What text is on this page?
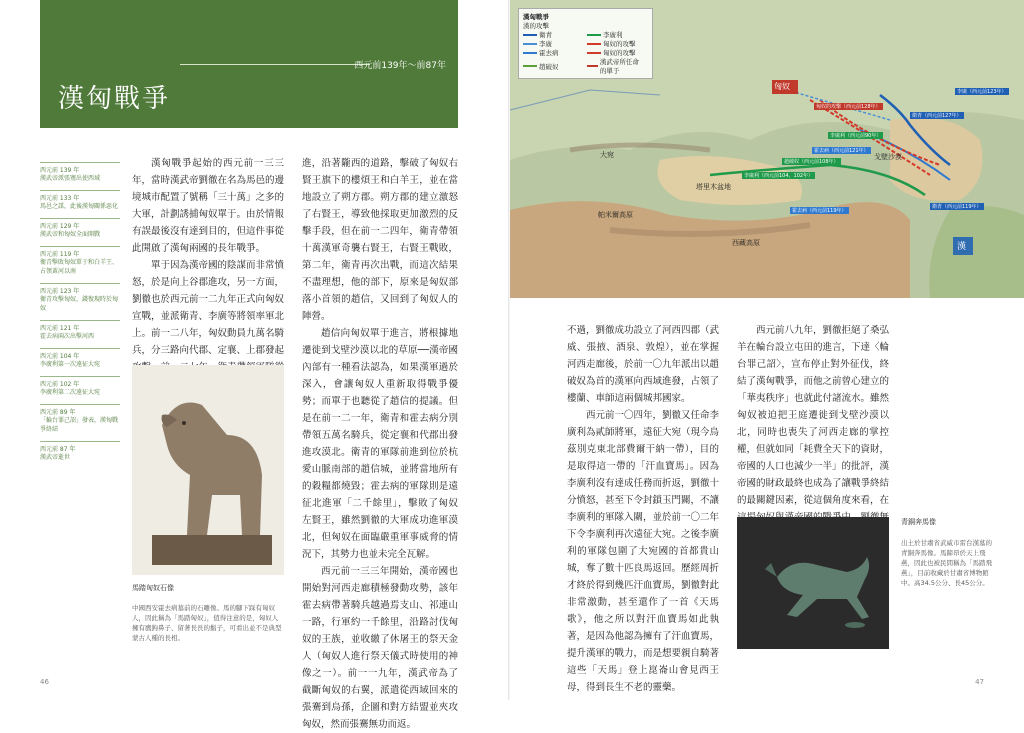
西元前139年～前87年
漢匈戰爭
西元前 139 年
漢武帝派張騫出使西域
西元前 133 年
馬邑之謀，此後漢匈關係惡化
西元前 129 年
漢武帝和匈奴全面開戰
西元前 119 年
衛青擊敗匈奴單于和白羊王、占領黃河以南
西元前 123 年
衛青攻擊匈奴，錢復現時於匈奴
西元前 121 年
霍去病兩次出擊河西
西元前 104 年
李廣利第一次遠征大宛
西元前 102 年
李廣利第二次遠征大宛
西元前 89 年
「輪台罪己詔」發表，漢匈戰爭終結
西元前 87 年
漢武帝逝世

漢匈戰爭起始的西元前一三三年，當時漢武帝劉徹在名為馬邑的邊境城市配置了號稱「三十萬」之多的大軍，計劃誘捕匈奴單于。由於情報有誤最後沒有達到目的，但這件事從此開啟了漢匈兩國的長年戰爭。

單于因為漢帝國的陰謀而非常憤怒，於是向上谷郡進攻，另一方面，劉徹也於西元前一二九年正式向匈奴宣戰，並派衛青、李廣等將領率軍北上。前一二八年，匈奴動員九萬名騎兵，分三路向代郡、定襄、上郡發起

馬踏匈奴石像
中國西安霍去病墓前的石雕像。馬的腳下踩有匈奴人，因此稱為「馬踏匈奴」，值得注意的是，匈奴人擁有鷹鉤鼻子、留著長長的鬍子，可看出並不是典型蒙古人種的長相。

進，沿著隴西的道路，擊破了匈奴右賢王旗下的樓煩王和白羊王，並在當地設立了朔方郡。朔方郡的建立激怒了右賢王，導致他採取更加激烈的反擊手段，但在前一二四年，衛青帶領十萬漢軍奇襲右賢王，右賢王戰敗，第二年，衛青再次出戰，而這次結果不盡理想，他的部下，原來是匈奴部落小首領的趙信，又回到了匈奴人的陣營。

趙信向匈奴單于進言，將根據地遷徙到戈壁沙漠以北的草原──漢帝國內部有一種看法認為，如果漢軍過於深入，會讓匈奴人重新取得戰爭優勢；而單于也聽從了趙信的提議。但是在前一二一年，衛青和霍去病分別帶領五萬名騎兵，從定襄和代郡出發進攻漠北。衛青的軍隊前進到位於杭愛山脈南部的趙信城，並將當地所有的穀糧都燒毀；霍去病的軍隊則是遠征北進軍「二千餘里」，擊敗了匈奴左賢王，雖然劉徹的大軍成功進軍漠北，但匈奴在面臨嚴重軍事威脅的情況下，其勢力也並未完全瓦解。

西元前一三三年開始，漢帝國也開始對河西走廊積極發動攻勢，該年霍去病帶著騎兵越過焉支山、祁連山一路，行軍約一千餘里，沿路討伐匈奴的王族，並收繳了休屠王的祭天金人（匈奴人進行祭天儀式時使用的神像之一）。前一一九年，漢武帝為了截斷匈奴的右翼，派遣從西域回來的張騫到烏孫，企圖和對方結盟並夾攻匈奴，然而張騫無功而返。

46
漢匈戰爭
漢的攻擊
衛青	李廣利
李廣	匈奴的攻擊
霍去病	匈奴的攻擊
趙破奴
漢武帝所任命的單于
匈奴
漢
戈壁沙漠
大宛
帕米爾高原
塔里木盆地
西藏高原
李廣（西元前123年）
匈奴的攻擊（西元前128年）
衛青（西元前127年）
趙破奴（西元前108年）
霍去病（西元前121年）
李廣利（西元前104、102年）
李廣利（西元前90年）
霍去病（西元前119年）
衛青（西元前119年）

不過，劉徹成功設立了河西四郡（武威、張掖、酒泉、敦煌），並在掌握河西走廊後，於前一〇九年派出以趙破奴為首的漢軍向西域進發，占領了樓蘭、車師這兩個城邦國家。

西元前一〇四年，劉徹又任命李廣利為貳師將軍，遠征大宛（現今烏茲別克東北部費爾干納一帶），目的是取得這一帶的「汗血寶馬」。因為李廣利沒有達成任務而折返，劉徹十分憤怒，甚至下令封鎖玉門關，不讓李廣利的軍隊入關，並於前一〇二年下令李廣利再次遠征大宛。之後李廣利的軍隊包圍了大宛國的首都貴山城，奪了數十匹良馬返回。歷經周折才終於得到幾匹汗血寶馬，劉徹對此非常激動，甚至還作了一首《天馬歌》，他之所以對汗血寶馬如此執著，是因為他認為擁有了汗血寶馬，提升漢軍的戰力，而是想要親自騎著這些「天馬」登上崑崙山會見西王母，得到長生不老的靈藥。

西元前八九年，劉徹拒絕了桑弘羊在輪台設立屯田的進言，下達〈輪台罪己詔〉，宣布停止對外征伐，終結了漢匈戰爭，而他之前曾心建立的「華夷秩序」也就此付諸流水。雖然匈奴被迫把王庭遷徙到戈壁沙漠以北，同時也喪失了河西走廊的掌控權，但就如同「耗費全天下的資財，帝國的人口也減少一半」的批評，漢帝國的財政最終也成為了讓戰爭終結的最關鍵因素，從這個角度來看，在

青銅奔馬像
出土於甘肅省武威市雷台漢墓的青銅奔馬像。馬蹄昂於天上飛燕，因此也被民間稱為「馬踏飛燕」，目前收藏於甘肅省博物館中。高34.5公分、長45公分。
47
